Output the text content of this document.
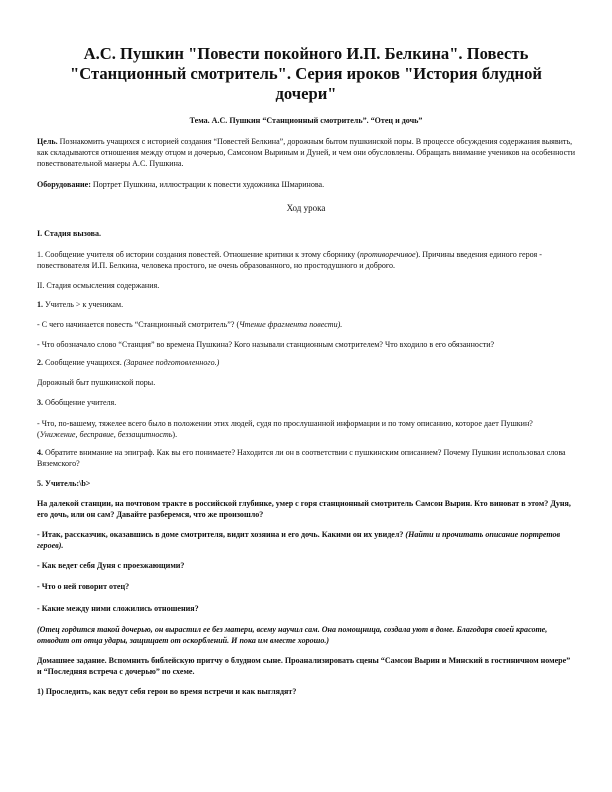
А.С. Пушкин "Повести покойного И.П. Белкина". Повесть "Станционный смотритель". Серия ироков "История блудной дочери"

Тема. А.С. Пушкин “Станционный смотритель”. “Отец и дочь”

Цель. Познакомить учащихся с историей создания “Повестей Белкина”, дорожным бытом пушкинской поры. В процессе обсуждения содержания выявить, как складываются отношения между отцом и дочерью, Самсоном Выриным и Дуней, и чем они обусловлены. Обращать внимание учеников на особенности повествовательной манеры А.С. Пушкина.

Оборудование: Портрет Пушкина, иллюстрации к повести художника Шмаринова.

Ход урока

I. Стадия вызова.

1. Сообщение учителя об истории создания повестей. Отношение критики к этому сборнику (противоречивое). Причины введения единого героя - повествователя И.П. Белкина, человека простого, не очень образованного, но простодушного и доброго.

II. Стадия осмысления содержания.

1. Учитель > к ученикам.

- С чего начинается повесть “Станционный смотритель”? (Чтение фрагмента повести).

- Что обозначало слово “Станция” во времена Пушкина? Кого называли станционным смотрителем? Что входило в его обязанности?

2. Сообщение учащихся. (Заранее подготовленного.)

Дорожный быт пушкинской поры.

3. Обобщение учителя.

- Что, по-вашему, тяжелее всего было в положении этих людей, судя по прослушанной информации и по тому описанию, которое дает Пушкин? (Унижение, бесправие, беззащитность).

4. Обратите внимание на эпиграф. Как вы его понимаете? Находится ли он в соответствии с пушкинским описанием? Почему Пушкин использовал слова Вяземского?

5. Учитель:\b>

На далекой станции, на почтовом тракте в российской глубинке, умер с горя станционный смотритель Самсон Вырин. Кто виноват в этом? Дуня, его дочь, или он сам? Давайте разберемся, что же произошло?

- Итак, рассказчик, оказавшись в доме смотрителя, видит хозяина и его дочь. Какими он их увидел? (Найти и прочитать описание портретов героев).

- Как ведет себя Дуня с проезжающими?

- Что о ней говорит отец?

- Какие между ними сложились отношения?

(Отец гордится такой дочерью, он вырастил ее без матери, всему научил сам. Она помощница, создала уют в доме. Благодаря своей красоте, отводит от отца удары, защищает от оскорблений. И пока им вместе хорошо.)

Домашнее задание. Вспомнить библейскую притчу о блудном сыне. Проанализировать сцены “Самсон Вырин и Минский в гостиничном номере” и “Последняя встреча с дочерью” по схеме.

1) Проследить, как ведут себя герои во время встречи и как выглядят?
